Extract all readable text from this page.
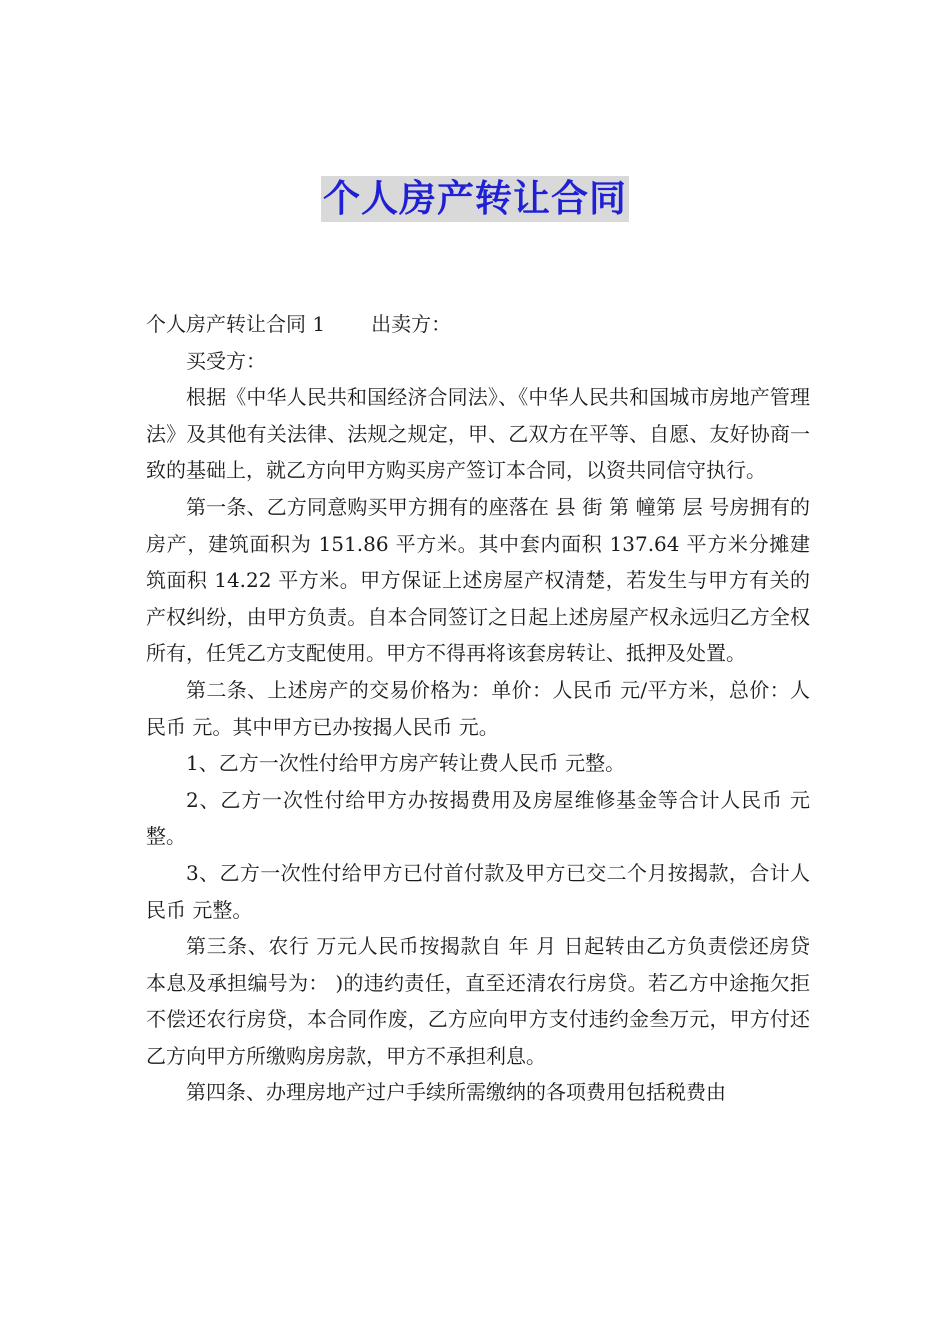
个人房产转让合同

个人房产转让合同 1 出卖方：

买受方：

根据《中华人民共和国经济合同法》、《中华人民共和国城市房地产管理法》及其他有关法律、法规之规定，甲、乙双方在平等、自愿、友好协商一致的基础上，就乙方向甲方购买房产签订本合同，以资共同信守执行。

第一条、乙方同意购买甲方拥有的座落在 县 街 第 幢第 层 号房拥有的房产，建筑面积为 151.86 平方米。其中套内面积 137.64 平方米分摊建筑面积 14.22 平方米。甲方保证上述房屋产权清楚，若发生与甲方有关的产权纠纷，由甲方负责。自本合同签订之日起上述房屋产权永远归乙方全权所有，任凭乙方支配使用。甲方不得再将该套房转让、抵押及处置。

第二条、上述房产的交易价格为：单价：人民币 元/平方米，总价：人民币 元。其中甲方已办按揭人民币 元。

1、乙方一次性付给甲方房产转让费人民币 元整。

2、乙方一次性付给甲方办按揭费用及房屋维修基金等合计人民币 元整。

3、乙方一次性付给甲方已付首付款及甲方已交二个月按揭款，合计人民币 元整。

第三条、农行 万元人民币按揭款自 年 月 日起转由乙方负责偿还房贷本息及承担编号为： )的违约责任，直至还清农行房贷。若乙方中途拖欠拒不偿还农行房贷，本合同作废，乙方应向甲方支付违约金叁万元，甲方付还乙方向甲方所缴购房房款，甲方不承担利息。

第四条、办理房地产过户手续所需缴纳的各项费用包括税费由
